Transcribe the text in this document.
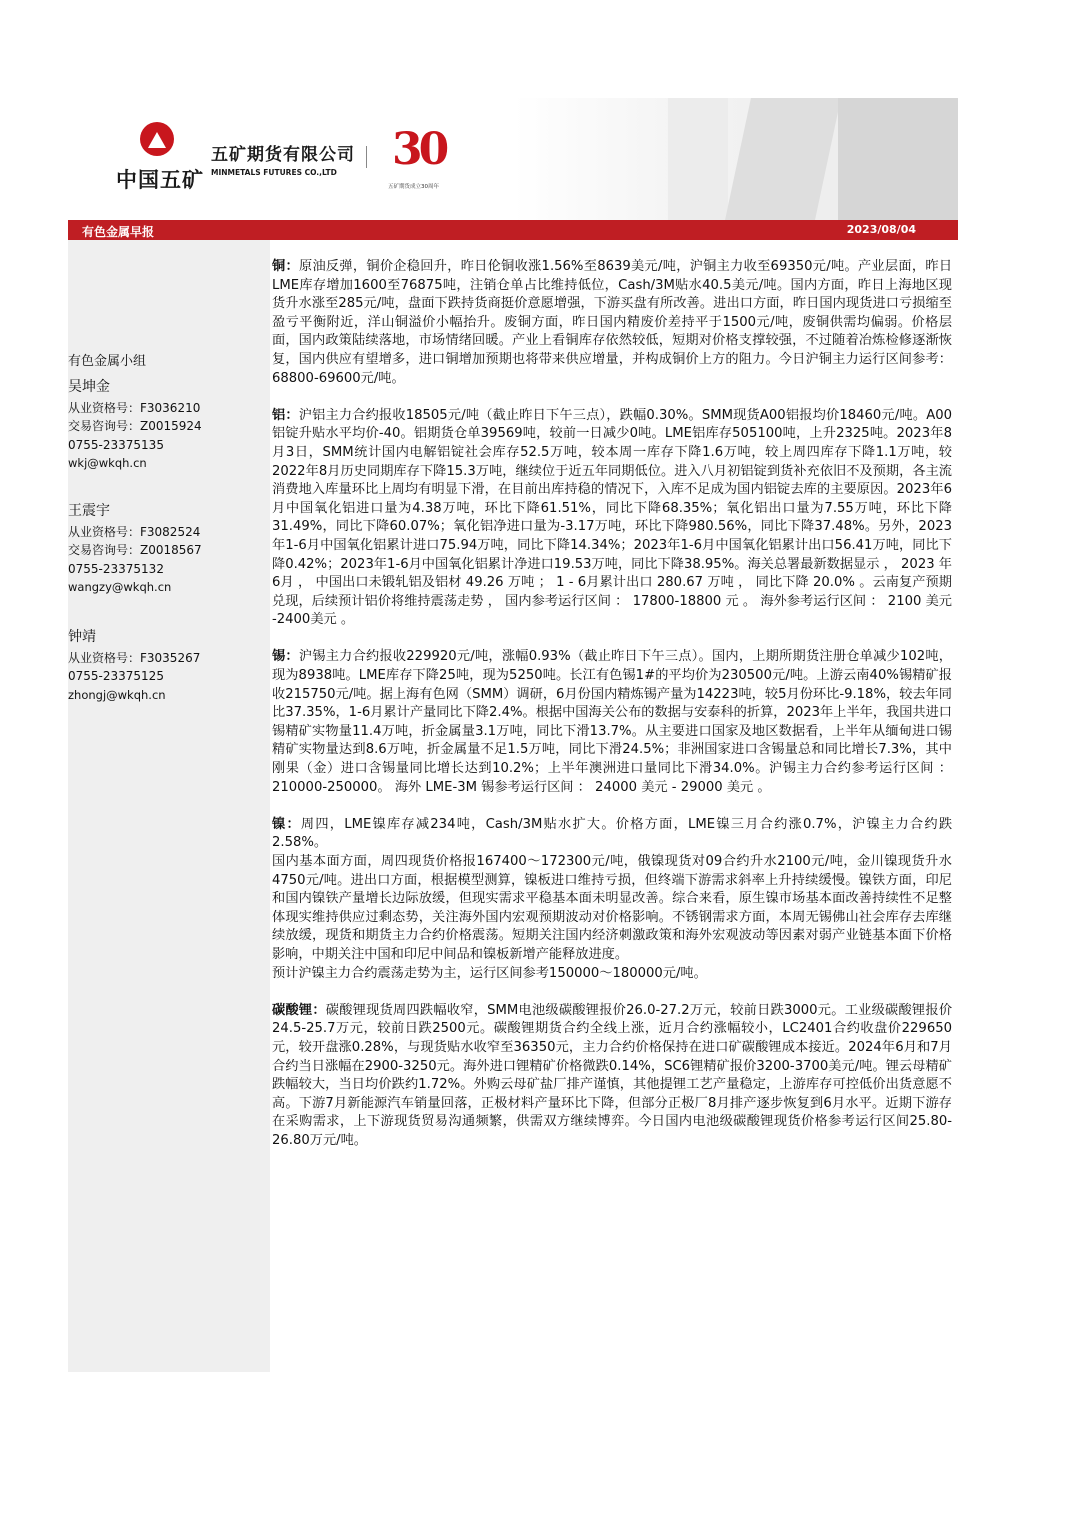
中国五矿
五矿期货有限公司
MINMETALS FUTURES CO.,LTD	30
五矿期货成立30周年
有色金属早报	2023/08/04
有色金属小组
吴坤金
从业资格号：F3036210
交易咨询号：Z0015924
0755-23375135
wkj@wkqh.cn
王震宇
从业资格号：F3082524
交易咨询号：Z0018567
0755-23375132
wangzy@wkqh.cn
钟靖
从业资格号：F3035267
0755-23375125
zhongj@wkqh.cn

铜：原油反弹，铜价企稳回升，昨日伦铜收涨1.56%至8639美元/吨，沪铜主力收至69350元/吨。产业层面，昨日LME库存增加1600至76875吨，注销仓单占比维持低位，Cash/3M贴水40.5美元/吨。国内方面，昨日上海地区现货升水涨至285元/吨，盘面下跌持货商挺价意愿增强，下游买盘有所改善。进出口方面，昨日国内现货进口亏损缩至盈亏平衡附近，洋山铜溢价小幅抬升。废铜方面，昨日国内精废价差持平于1500元/吨，废铜供需均偏弱。价格层面，国内政策陆续落地，市场情绪回暖。产业上看铜库存依然较低，短期对价格支撑较强，不过随着冶炼检修逐渐恢复，国内供应有望增多，进口铜增加预期也将带来供应增量，并构成铜价上方的阻力。今日沪铜主力运行区间参考：68800-69600元/吨。

铝：沪铝主力合约报收18505元/吨（截止昨日下午三点），跌幅0.30%。SMM现货A00铝报均价18460元/吨。A00铝锭升贴水平均价-40。铝期货仓单39569吨，较前一日减少0吨。LME铝库存505100吨，上升2325吨。2023年8月3日，SMM统计国内电解铝锭社会库存52.5万吨，较本周一库存下降1.6万吨，较上周四库存下降1.1万吨，较2022年8月历史同期库存下降15.3万吨，继续位于近五年同期低位。进入八月初铝锭到货补充依旧不及预期，各主流消费地入库量环比上周均有明显下滑，在目前出库持稳的情况下，入库不足成为国内铝锭去库的主要原因。2023年6月中国氧化铝进口量为4.38万吨，环比下降61.51%，同比下降68.35%；氧化铝出口量为7.55万吨，环比下降31.49%，同比下降60.07%；氧化铝净进口量为-3.17万吨，环比下降980.56%，同比下降37.48%。另外，2023年1-6月中国氧化铝累计进口75.94万吨，同比下降14.34%；2023年1-6月中国氧化铝累计出口56.41万吨，同比下降0.42%；2023年1-6月中国氧化铝累计净进口19.53万吨，同比下降38.95%。海关总署最新数据显示 ， 2023 年6月 ， 中国出口未锻轧铝及铝材 49.26 万吨 ； 1 - 6月累计出口 280.67 万吨 ， 同比下降 20.0% 。云南复产预期兑现，后续预计铝价将维持震荡走势 ， 国内参考运行区间 ： 17800-18800 元 。 海外参考运行区间 ： 2100 美元 -2400美元 。

锡：沪锡主力合约报收229920元/吨，涨幅0.93%（截止昨日下午三点）。国内，上期所期货注册仓单减少102吨，现为8938吨。LME库存下降25吨，现为5250吨。长江有色锡1#的平均价为230500元/吨。上游云南40%锡精矿报收215750元/吨。据上海有色网（SMM）调研，6月份国内精炼锡产量为14223吨，较5月份环比-9.18%，较去年同比37.35%，1-6月累计产量同比下降2.4%。根据中国海关公布的数据与安泰科的折算，2023年上半年，我国共进口锡精矿实物量11.4万吨，折金属量3.1万吨，同比下滑13.7%。从主要进口国家及地区数据看，上半年从缅甸进口锡精矿实物量达到8.6万吨，折金属量不足1.5万吨，同比下滑24.5%；非洲国家进口含锡量总和同比增长7.3%，其中刚果（金）进口含锡量同比增长达到10.2%；上半年澳洲进口量同比下滑34.0%。沪锡主力合约参考运行区间 ： 210000-250000。 海外 LME-3M 锡参考运行区间 ： 24000 美元 - 29000 美元 。

镍：周四，LME镍库存减234吨，Cash/3M贴水扩大。价格方面，LME镍三月合约涨0.7%，沪镍主力合约跌2.58%。

国内基本面方面，周四现货价格报167400～172300元/吨，俄镍现货对09合约升水2100元/吨，金川镍现货升水4750元/吨。进出口方面，根据模型测算，镍板进口维持亏损，但终端下游需求斜率上升持续缓慢。镍铁方面，印尼和国内镍铁产量增长边际放缓，但现实需求平稳基本面未明显改善。综合来看，原生镍市场基本面改善持续性不足整体现实维持供应过剩态势，关注海外国内宏观预期波动对价格影响。不锈钢需求方面，本周无锡佛山社会库存去库继续放缓，现货和期货主力合约价格震荡。短期关注国内经济刺激政策和海外宏观波动等因素对弱产业链基本面下价格影响，中期关注中国和印尼中间品和镍板新增产能释放进度。

预计沪镍主力合约震荡走势为主，运行区间参考150000～180000元/吨。

碳酸锂：碳酸锂现货周四跌幅收窄，SMM电池级碳酸锂报价26.0-27.2万元，较前日跌3000元。工业级碳酸锂报价24.5-25.7万元，较前日跌2500元。碳酸锂期货合约全线上涨，近月合约涨幅较小，LC2401合约收盘价229650元，较开盘涨0.28%，与现货贴水收窄至36350元，主力合约价格保持在进口矿碳酸锂成本接近。2024年6月和7月合约当日涨幅在2900-3250元。海外进口锂精矿价格微跌0.14%，SC6锂精矿报价3200-3700美元/吨。锂云母精矿跌幅较大，当日均价跌约1.72%。外购云母矿盐厂排产谨慎，其他提锂工艺产量稳定，上游库存可控低价出货意愿不高。下游7月新能源汽车销量回落，正极材料产量环比下降，但部分正极厂8月排产逐步恢复到6月水平。近期下游存在采购需求，上下游现货贸易沟通频繁，供需双方继续博弈。今日国内电池级碳酸锂现货价格参考运行区间25.80-26.80万元/吨。
